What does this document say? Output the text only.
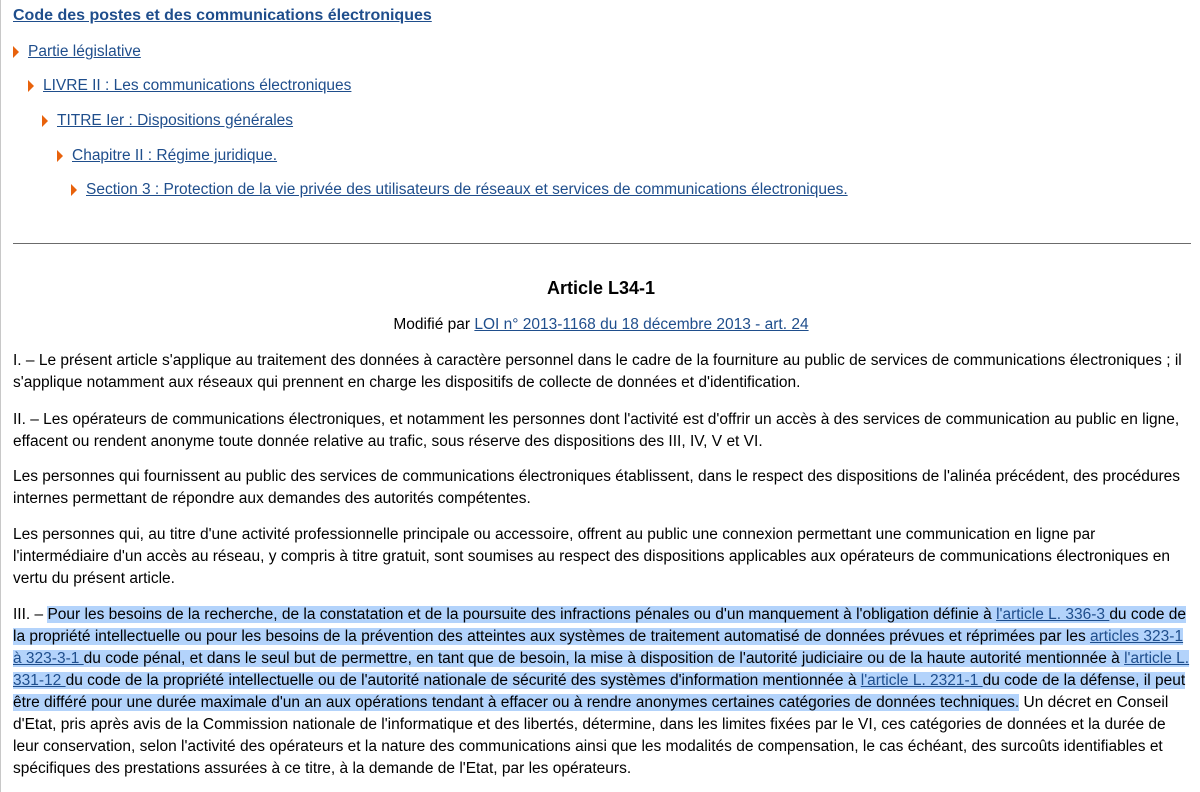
Code des postes et des communications électroniques
Partie législative
LIVRE II : Les communications électroniques
TITRE Ier : Dispositions générales
Chapitre II : Régime juridique.
Section 3 : Protection de la vie privée des utilisateurs de réseaux et services de communications électroniques.
Article L34-1
Modifié par LOI n° 2013-1168 du 18 décembre 2013 - art. 24

I. – Le présent article s'applique au traitement des données à caractère personnel dans le cadre de la fourniture au public de services de communications électroniques ; il s'applique notamment aux réseaux qui prennent en charge les dispositifs de collecte de données et d'identification.

II. – Les opérateurs de communications électroniques, et notamment les personnes dont l'activité est d'offrir un accès à des services de communication au public en ligne, effacent ou rendent anonyme toute donnée relative au trafic, sous réserve des dispositions des III, IV, V et VI.

Les personnes qui fournissent au public des services de communications électroniques établissent, dans le respect des dispositions de l'alinéa précédent, des procédures internes permettant de répondre aux demandes des autorités compétentes.

Les personnes qui, au titre d'une activité professionnelle principale ou accessoire, offrent au public une connexion permettant une communication en ligne par l'intermédiaire d'un accès au réseau, y compris à titre gratuit, sont soumises au respect des dispositions applicables aux opérateurs de communications électroniques en vertu du présent article.

III. – Pour les besoins de la recherche, de la constatation et de la poursuite des infractions pénales ou d'un manquement à l'obligation définie à l'article L. 336-3 du code de la propriété intellectuelle ou pour les besoins de la prévention des atteintes aux systèmes de traitement automatisé de données prévues et réprimées par les articles 323-1 à 323-3-1 du code pénal, et dans le seul but de permettre, en tant que de besoin, la mise à disposition de l'autorité judiciaire ou de la haute autorité mentionnée à l'article L. 331-12 du code de la propriété intellectuelle ou de l'autorité nationale de sécurité des systèmes d'information mentionnée à l'article L. 2321-1 du code de la défense, il peut être différé pour une durée maximale d'un an aux opérations tendant à effacer ou à rendre anonymes certaines catégories de données techniques. Un décret en Conseil d'Etat, pris après avis de la Commission nationale de l'informatique et des libertés, détermine, dans les limites fixées par le VI, ces catégories de données et la durée de leur conservation, selon l'activité des opérateurs et la nature des communications ainsi que les modalités de compensation, le cas échéant, des surcoûts identifiables et spécifiques des prestations assurées à ce titre, à la demande de l'Etat, par les opérateurs.
